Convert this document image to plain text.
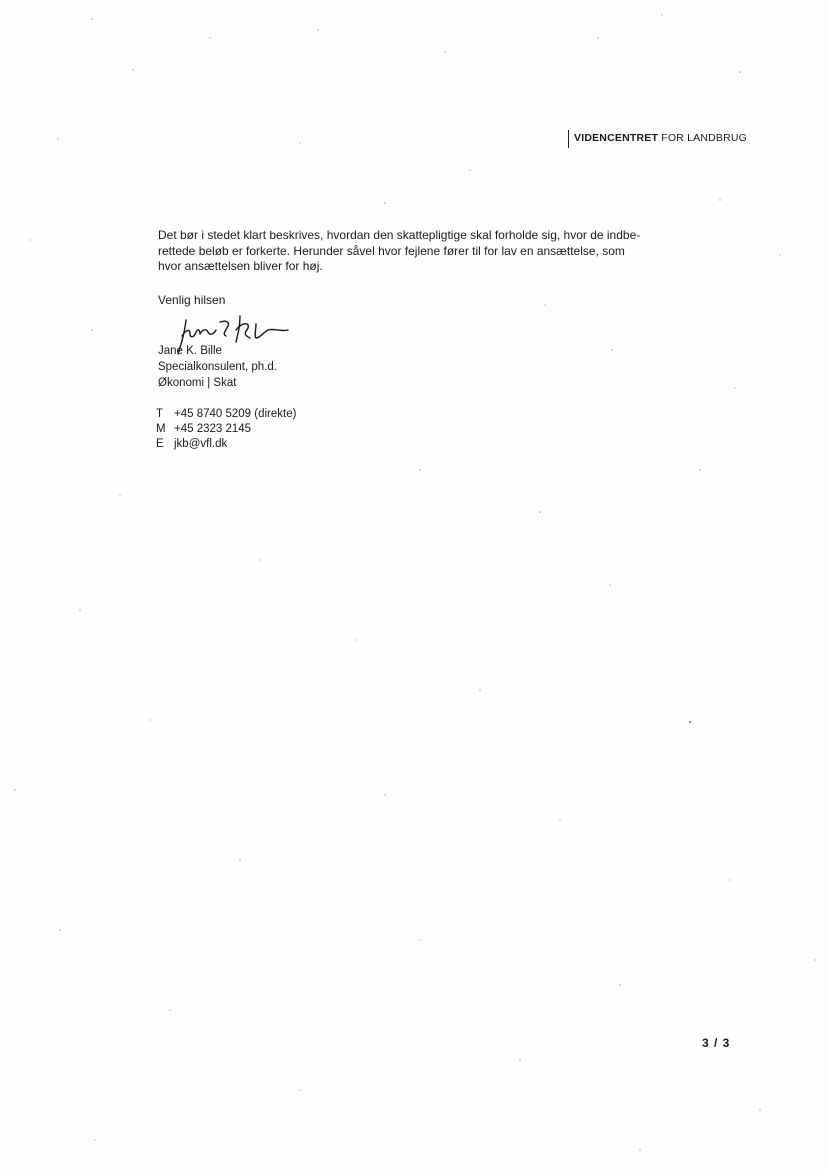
VIDENCENTRET FOR LANDBRUG
Det bør i stedet klart beskrives, hvordan den skattepligtige skal forholde sig, hvor de indbe-
rettede beløb er forkerte. Herunder såvel hvor fejlene fører til for lav en ansættelse, som
hvor ansættelsen bliver for høj.
Venlig hilsen
Jane K. Bille
Specialkonsulent, ph.d.
Økonomi | Skat
T +45 8740 5209 (direkte)
M +45 2323 2145
E jkb@vfl.dk
3 / 3
